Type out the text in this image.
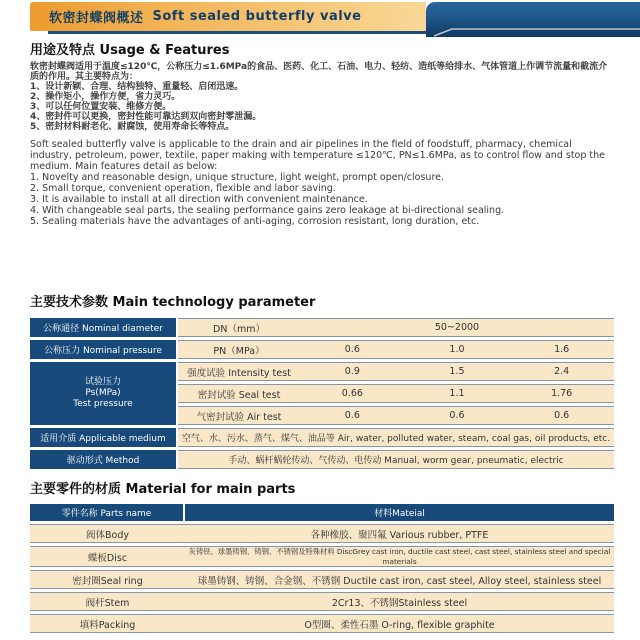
软密封蝶阀概述 Soft sealed butterfly valve
用途及特点 Usage & Features

软密封蝶阀适用于温度≤120℃，公称压力≤1.6MPa的食品、医药、化工、石油、电力、轻纺、造纸等给排水、气体管道上作调节流量和截流介质的作用。其主要特点为：

1、设计新颖、合理、结构独特、重量轻、启闭迅速。

2、操作矩小，操作方便，省力灵巧。

3、可以任何位置安装、维修方便。

4、密封件可以更换，密封性能可靠达到双向密封零泄漏。

5、密封材料耐老化、耐腐蚀，使用寿命长等特点。

Soft sealed butterfly valve is applicable to the drain and air pipelines in the field of foodstuff, pharmacy, chemical industry, petroleum, power, textile, paper making with temperature ≤120℃, PN≤1.6MPa, as to control flow and stop the medium. Main features detail as below:

1. Novelty and reasonable design, unique structure, light weight, prompt open/closure.

2. Small torque, convenient operation, flexible and labor saving.

3. It is available to install at all direction with convenient maintenance.

4. With changeable seal parts, the sealing performance gains zero leakage at bi-directional sealing.

5. Sealing materials have the advantages of anti-aging, corrosion resistant, long duration, etc.

主要技术参数 Main technology parameter
公称通径 Nominal diameter	DN（mm）	50~2000		
公称压力 Nominal pressure	PN（MPa）	0.6	1.0	1.6

试验压力
Ps(MPa)
Test pressure	强度试验 Intensity test	0.9	1.5	2.4
	密封试验 Seal test	0.66	1.1	1.76
	气密封试验 Air test	0.6	0.6	0.6
适用介质 Applicable medium	空气、水、污水、蒸气、煤气、油品等 Air, water, polluted water, steam, coal gas, oil products, etc.			
驱动形式 Method	手动、蜗杆蜗轮传动、气传动、电传动 Manual, worm gear, pneumatic, electric			
主要零件的材质 Material for main parts
零件名称 Parts name	材料Mateial
阀体Body	各种橡胶、聚四氟 Various rubber, PTFE
蝶板Disc	灰铸铁、球墨铸钢、铸钢、不锈钢及特殊材料 DiscGrey cast iron, ductile cast steel, cast steel, stainless steel and special materials
密封圈Seal ring	球墨铸钢、铸钢、合金钢、不锈钢 Ductile cast iron, cast steel, Alloy steel, stainless steel
阀杆Stem	2Cr13、不锈钢Stainless steel
填料Packing	O型圈、柔性石墨 O-ring, flexible graphite
